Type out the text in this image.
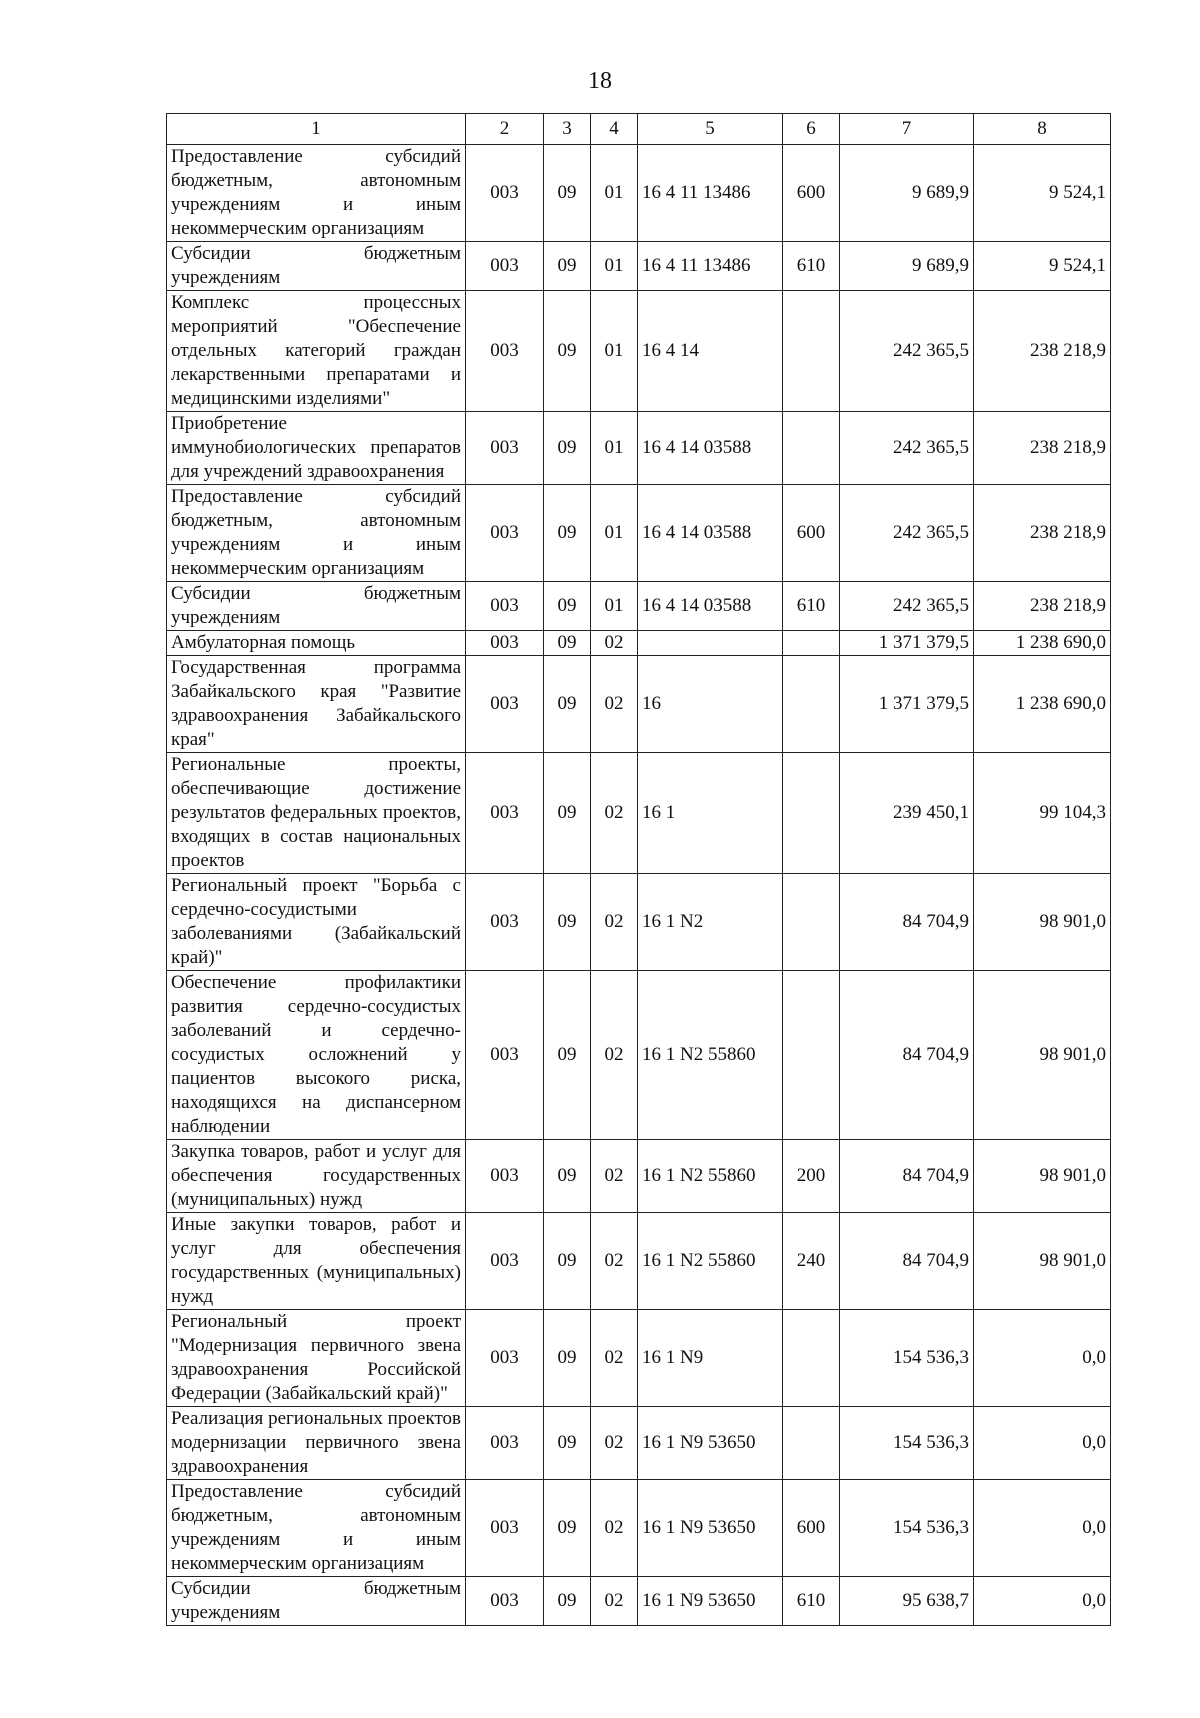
18
1	2	3	4	5	6	7	8
Предоставление субсидий бюджетным, автономным учреждениям и иным некоммерческим организациям	003	09	01	16 4 11 13486	600	9 689,9	9 524,1
Субсидии бюджетным учреждениям	003	09	01	16 4 11 13486	610	9 689,9	9 524,1
Комплекс процессных мероприятий "Обеспечение отдельных категорий граждан лекарственными препаратами и медицинскими изделиями"	003	09	01	16 4 14		242 365,5	238 218,9
Приобретение иммунобиологических препаратов для учреждений здравоохранения	003	09	01	16 4 14 03588		242 365,5	238 218,9
Предоставление субсидий бюджетным, автономным учреждениям и иным некоммерческим организациям	003	09	01	16 4 14 03588	600	242 365,5	238 218,9
Субсидии бюджетным учреждениям	003	09	01	16 4 14 03588	610	242 365,5	238 218,9
Амбулаторная помощь	003	09	02			1 371 379,5	1 238 690,0
Государственная программа Забайкальского края "Развитие здравоохранения Забайкальского края"	003	09	02	16		1 371 379,5	1 238 690,0
Региональные проекты, обеспечивающие достижение результатов федеральных проектов, входящих в состав национальных проектов	003	09	02	16 1		239 450,1	99 104,3
Региональный проект "Борьба с сердечно-сосудистыми заболеваниями (Забайкальский край)"	003	09	02	16 1 N2		84 704,9	98 901,0
Обеспечение профилактики развития сердечно-сосудистых заболеваний и сердечно-сосудистых осложнений у пациентов высокого риска, находящихся на диспансерном наблюдении	003	09	02	16 1 N2 55860		84 704,9	98 901,0
Закупка товаров, работ и услуг для обеспечения государственных (муниципальных) нужд	003	09	02	16 1 N2 55860	200	84 704,9	98 901,0
Иные закупки товаров, работ и услуг для обеспечения государственных (муниципальных) нужд	003	09	02	16 1 N2 55860	240	84 704,9	98 901,0
Региональный проект "Модернизация первичного звена здравоохранения Российской Федерации (Забайкальский край)"	003	09	02	16 1 N9		154 536,3	0,0
Реализация региональных проектов модернизации первичного звена здравоохранения	003	09	02	16 1 N9 53650		154 536,3	0,0
Предоставление субсидий бюджетным, автономным учреждениям и иным некоммерческим организациям	003	09	02	16 1 N9 53650	600	154 536,3	0,0
Субсидии бюджетным учреждениям	003	09	02	16 1 N9 53650	610	95 638,7	0,0
